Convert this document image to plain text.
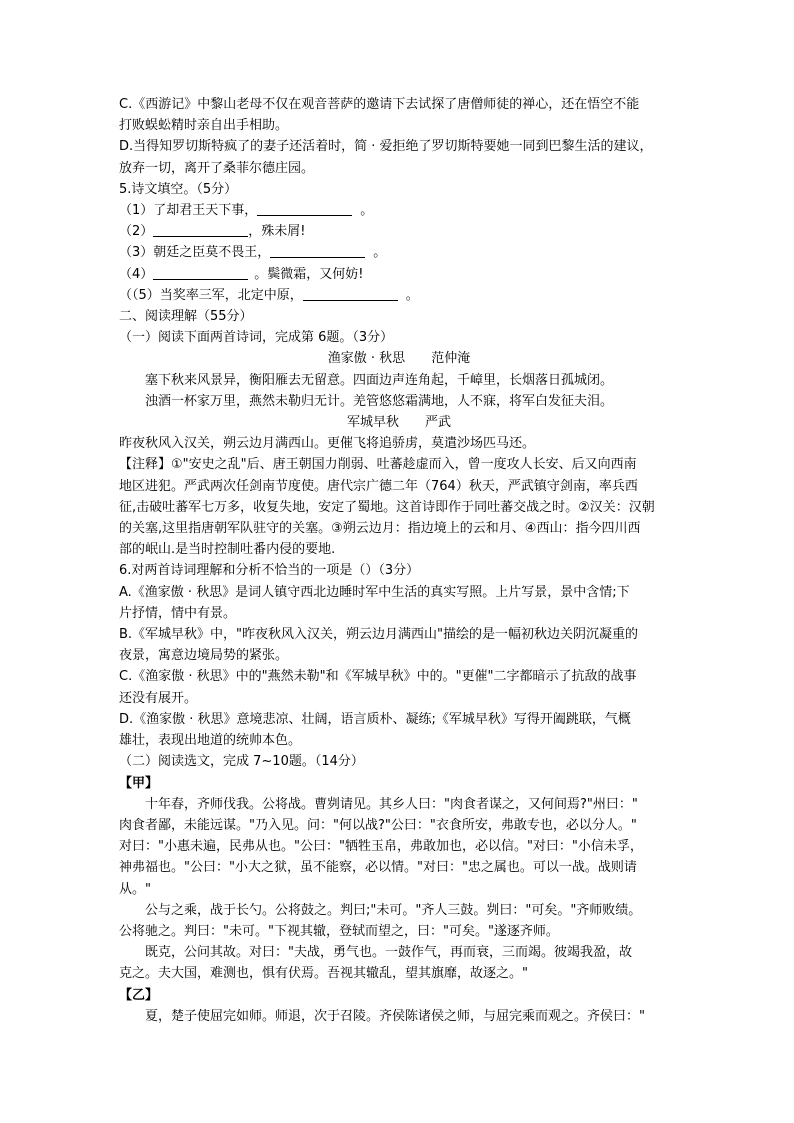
C.《西游记》中黎山老母不仅在观音菩萨的邀请下去试探了唐僧师徒的禅心，还在悟空不能

打败蜈蚣精时亲自出手相助。

D.当得知罗切斯特疯了的妻子还活着时，简 · 爱拒绝了罗切斯特要她一同到巴黎生活的建议，

放弃一切，离开了桑菲尔德庄园。

5.诗文填空。（5分）

（1）了却君王天下事，	。

（2）	，殊未屑!

（3）朝廷之臣莫不畏王，	。

（4）	。鬓微霜，又何妨!

（（5）当奖率三军，北定中原，	。

二、阅读理解（55分）

（一）阅读下面两首诗词，完成第 6题。（3分）

渔家傲 · 秋思 范仲淹

塞下秋来风景异，衡阳雁去无留意。四面边声连角起，千嶂里，长烟落日孤城闭。

浊酒一杯家万里，燕然未勒归无计。羌管悠悠霜满地，人不寐，将军白发征夫泪。

军城早秋 严武

昨夜秋风入汉关，朔云边月满西山。更催飞将追骄虏，莫遣沙场匹马还。

【注释】①"安史之乱"后、唐王朝国力削弱、吐蕃趁虚而入，曾一度攻人长安、后又向西南

地区进犯。严武两次任剑南节度使。唐代宗广德二年（764）秋天，严武镇守剑南，率兵西

征,击破吐蕃军七万多，收复失地，安定了蜀地。这首诗即作于同吐蕃交战之时。②汉关：汉朝

的关塞,这里指唐朝军队驻守的关塞。③朔云边月：指边境上的云和月、④西山：指今四川西

部的岷山.是当时控制吐番内侵的要地.

6.对两首诗词理解和分析不恰当的一项是（）（3分）

A.《渔家傲 · 秋思》是词人镇守西北边睡时军中生活的真实写照。上片写景，景中含情;下

片抒情，情中有景。

B.《军城早秋》中，"昨夜秋风入汉关，朔云边月满西山"描绘的是一幅初秋边关阴沉凝重的

夜景，寓意边境局势的紧张。

C.《渔家傲 · 秋思》中的"燕然未勒"和《军城早秋》中的。"更催"二字都暗示了抗敌的战事

还没有展开。

D.《渔家傲 · 秋思》意境悲凉、壮阔，语言质朴、凝练;《军城早秋》写得开阖跳联，气概

雄壮，表现出地道的统帅本色。

（二）阅读选文，完成 7~10题。（14分）

【甲】

十年春，齐师伐我。公将战。曹刿请见。其乡人曰："肉食者谋之，又何间焉?"州曰："

肉食者鄙，未能远谋。"乃入见。问："何以战?"公曰："衣食所安，弗敢专也，必以分人。"

对曰："小惠未遍，民弗从也。"公曰："牺牲玉帛，弗敢加也，必以信。"对曰："小信未孚，

神弗福也。"公曰："小大之狱，虽不能察，必以情。"对曰："忠之属也。可以一战。战则请

从。"

公与之乘，战于长勺。公将鼓之。判曰;"未可。"齐人三鼓。刿曰："可矣。"齐师败绩。

公将驰之。判曰："未可。"下视其辙，登轼而望之，曰："可矣。"遂逐齐师。

既克，公问其故。对曰："夫战，勇气也。一鼓作气，再而衰，三而竭。彼竭我盈，故

克之。夫大国，难测也，惧有伏焉。吾视其辙乱，望其旗靡，故逐之。"

【乙】

夏，楚子使屈完如师。师退，次于召陵。齐侯陈诸侯之师，与屈完乘而观之。齐侯曰："
